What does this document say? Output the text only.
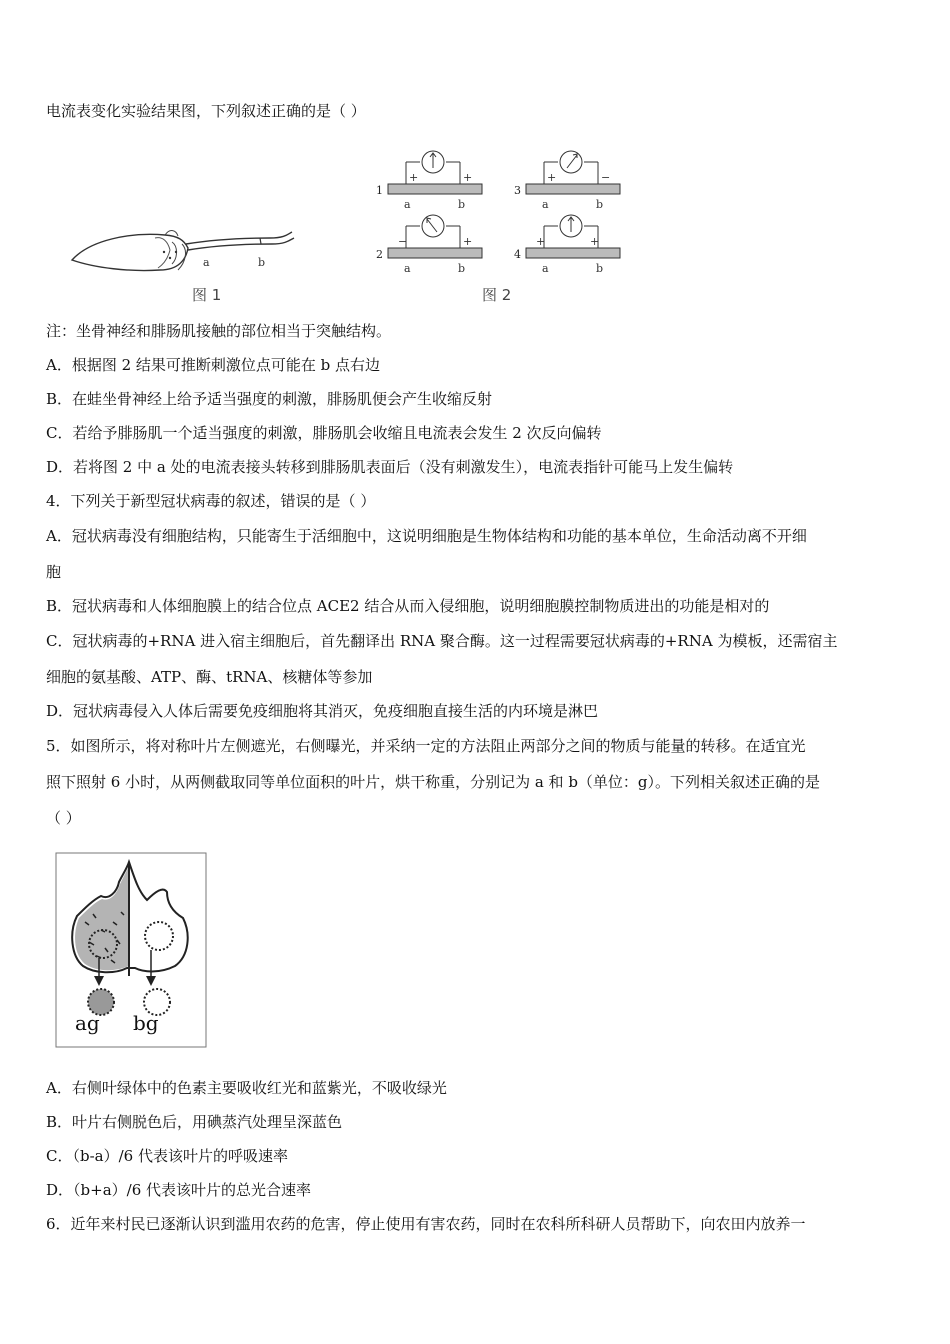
电流表变化实验结果图，下列叙述正确的是（ ）
a	b
图 1
1
+	+
a	b
3
+	−
a	b
2
−	+
a	b
4
+	+
a	b
图 2
注：坐骨神经和腓肠肌接触的部位相当于突触结构。
A．根据图 2 结果可推断刺激位点可能在 b 点右边
B．在蛙坐骨神经上给予适当强度的刺激，腓肠肌便会产生收缩反射
C．若给予腓肠肌一个适当强度的刺激，腓肠肌会收缩且电流表会发生 2 次反向偏转
D．若将图 2 中 a 处的电流表接头转移到腓肠肌表面后（没有刺激发生），电流表指针可能马上发生偏转
4．下列关于新型冠状病毒的叙述，错误的是（ ）
A．冠状病毒没有细胞结构，只能寄生于活细胞中，这说明细胞是生物体结构和功能的基本单位，生命活动离不开细
胞
B．冠状病毒和人体细胞膜上的结合位点 ACE2 结合从而入侵细胞，说明细胞膜控制物质进出的功能是相对的
C．冠状病毒的+RNA 进入宿主细胞后，首先翻译出 RNA 聚合酶。这一过程需要冠状病毒的+RNA 为模板，还需宿主
细胞的氨基酸、ATP、酶、tRNA、核糖体等参加
D．冠状病毒侵入人体后需要免疫细胞将其消灭，免疫细胞直接生活的内环境是淋巴
5．如图所示，将对称叶片左侧遮光，右侧曝光，并采纳一定的方法阻止两部分之间的物质与能量的转移。在适宜光
照下照射 6 小时，从两侧截取同等单位面积的叶片，烘干称重，分别记为 a 和 b（单位：g）。下列相关叙述正确的是
（ ）
ag bg
A．右侧叶绿体中的色素主要吸收红光和蓝紫光，不吸收绿光
B．叶片右侧脱色后，用碘蒸汽处理呈深蓝色
C．（b-a）/6 代表该叶片的呼吸速率
D．（b+a）/6 代表该叶片的总光合速率
6．近年来村民已逐渐认识到滥用农药的危害，停止使用有害农药，同时在农科所科研人员帮助下，向农田内放养一
